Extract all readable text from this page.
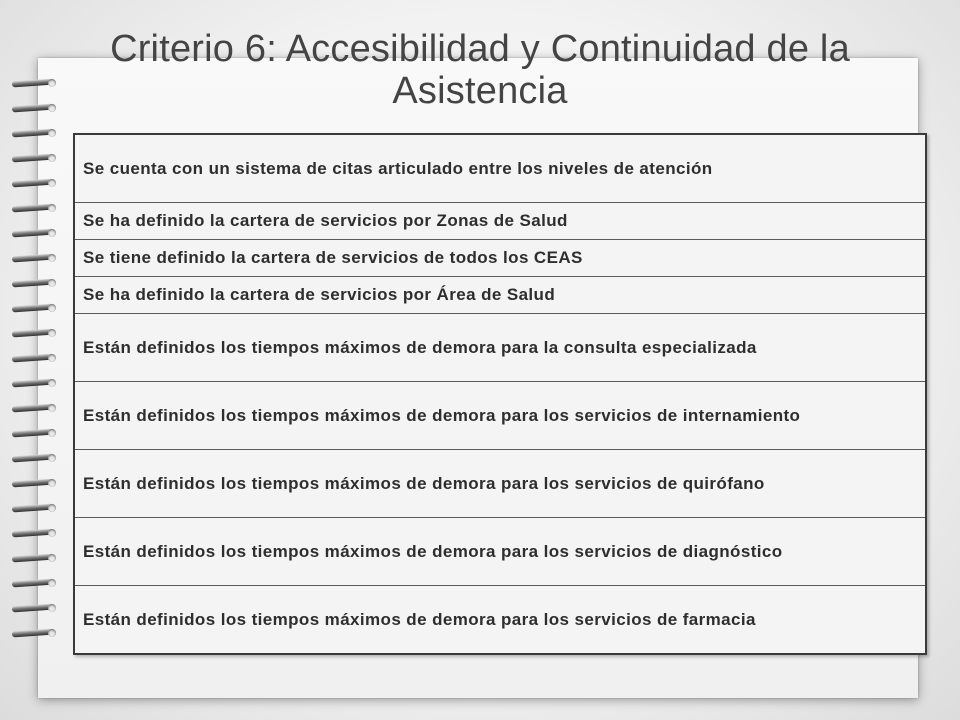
Criterio 6: Accesibilidad y Continuidad de la
Asistencia
Se cuenta con un sistema de citas articulado entre los niveles de atención
Se ha definido la cartera de servicios por Zonas de Salud
Se tiene definido la cartera de servicios de todos los CEAS
Se ha definido la cartera de servicios por Área de Salud
Están definidos los tiempos máximos de demora para la consulta especializada
Están definidos los tiempos máximos de demora para los servicios de internamiento
Están definidos los tiempos máximos de demora para los servicios de quirófano
Están definidos los tiempos máximos de demora para los servicios de diagnóstico
Están definidos los tiempos máximos de demora para los servicios de farmacia
